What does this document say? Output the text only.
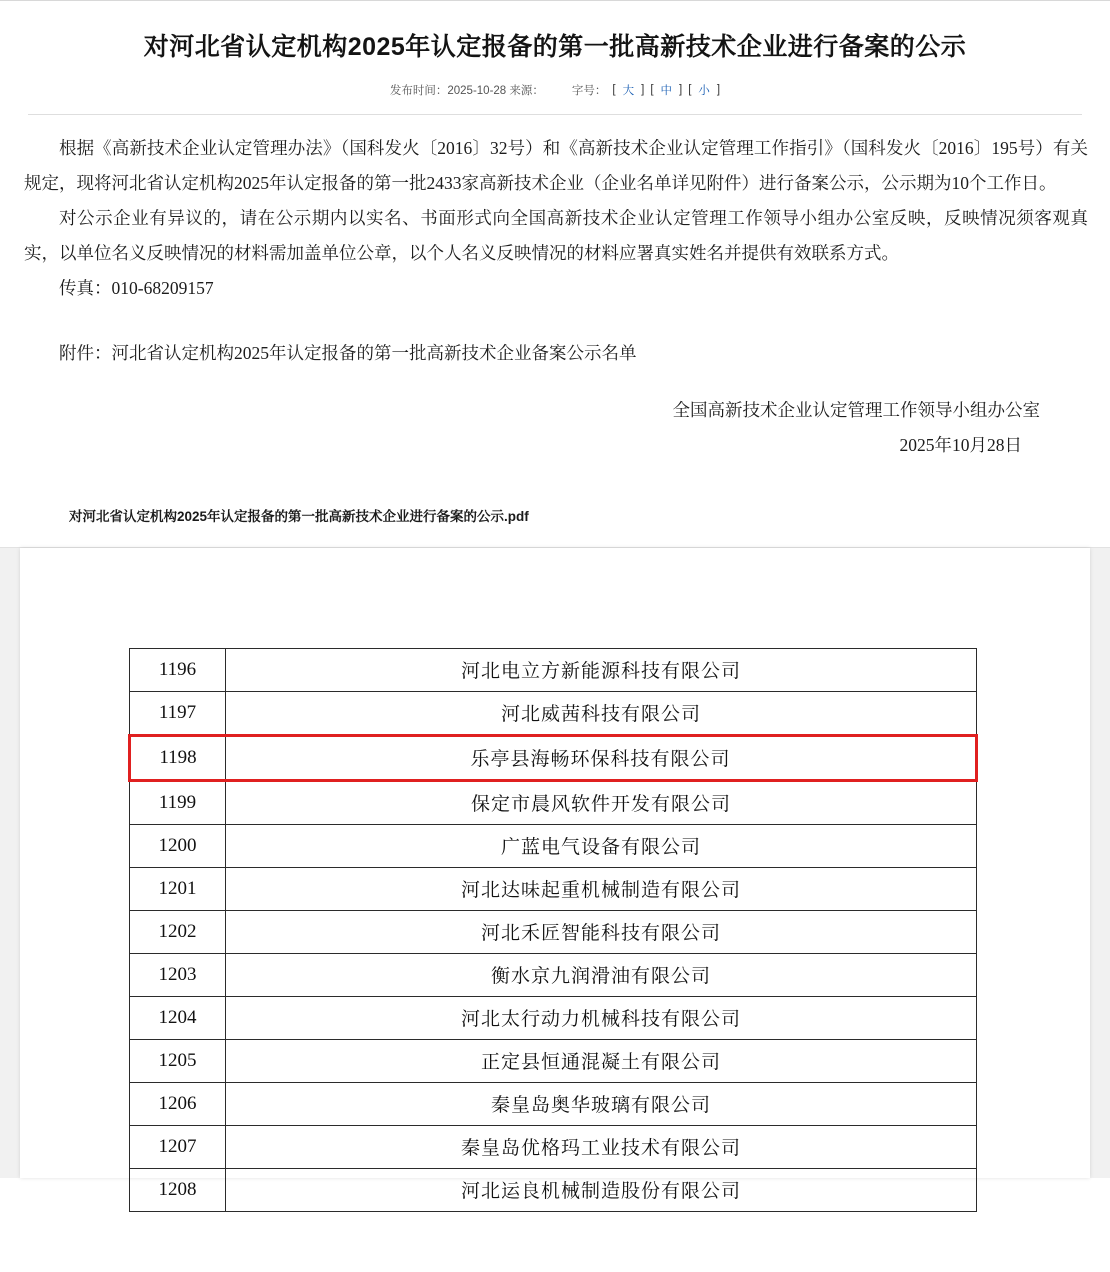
对河北省认定机构2025年认定报备的第一批高新技术企业进行备案的公示
发布时间：2025-10-28 来源： 字号： [ 大 ] [ 中 ] [ 小 ]

根据《高新技术企业认定管理办法》（国科发火〔2016〕32号）和《高新技术企业认定管理工作指引》（国科发火〔2016〕195号）有关规定，现将河北省认定机构2025年认定报备的第一批2433家高新技术企业（企业名单详见附件）进行备案公示，公示期为10个工作日。

对公示企业有异议的，请在公示期内以实名、书面形式向全国高新技术企业认定管理工作领导小组办公室反映，反映情况须客观真实，以单位名义反映情况的材料需加盖单位公章，以个人名义反映情况的材料应署真实姓名并提供有效联系方式。

传真：010-68209157

附件：河北省认定机构2025年认定报备的第一批高新技术企业备案公示名单

全国高新技术企业认定管理工作领导小组办公室
2025年10月28日
对河北省认定机构2025年认定报备的第一批高新技术企业进行备案的公示.pdf
1196	河北电立方新能源科技有限公司
1197	河北威茜科技有限公司
1198	乐亭县海畅环保科技有限公司
1199	保定市晨风软件开发有限公司
1200	广蓝电气设备有限公司
1201	河北达味起重机械制造有限公司
1202	河北禾匠智能科技有限公司
1203	衡水京九润滑油有限公司
1204	河北太行动力机械科技有限公司
1205	正定县恒通混凝土有限公司
1206	秦皇岛奥华玻璃有限公司
1207	秦皇岛优格玛工业技术有限公司
1208	河北运良机械制造股份有限公司
